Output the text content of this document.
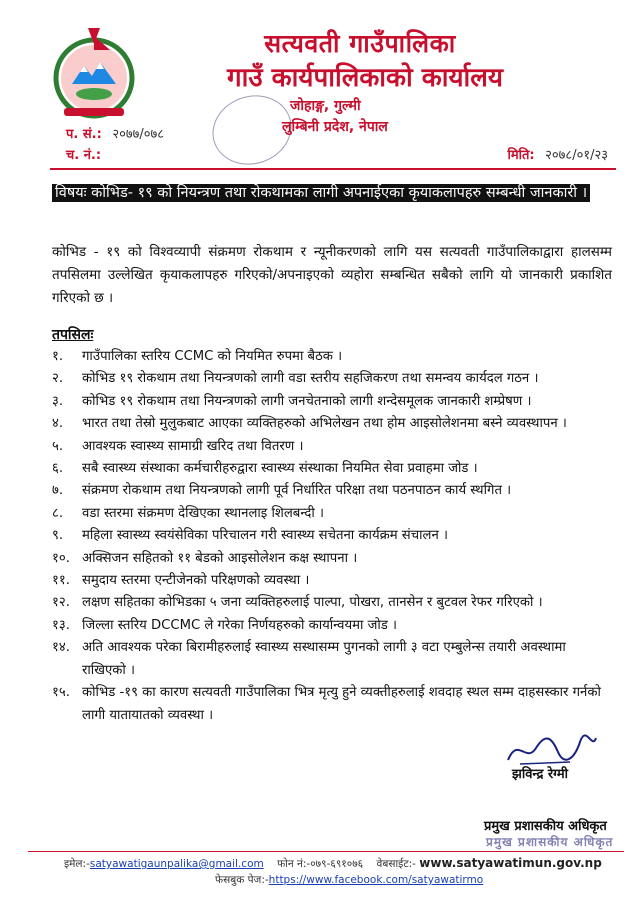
सत्यवती गाउँपालिका
गाउँ कार्यपालिकाको कार्यालय
जोहाङ्ग, गुल्मी
लुम्बिनी प्रदेश, नेपाल
प. सं.: २०७७/०७८
च. नं.:	मिति: २०७८/०१/२३
विषयः कोभिड- १९ को नियन्त्रण तथा रोकथामका लागी अपनाईएका कृयाकलापहरु सम्बन्धी जानकारी ।
कोभिड - १९ को विश्वव्यापी संक्रमण रोकथाम र न्यूनीकरणको लागि यस सत्यवती गाउँपालिकाद्वारा हालसम्म तपसिलमा उल्लेखित कृयाकलापहरु गरिएको/अपनाइएको व्यहोरा सम्बन्धित सबैको लागि यो जानकारी प्रकाशित गरिएको छ ।
तपसिलः
१.	गाउँपालिका स्तरिय CCMC को नियमित रुपमा बैठक ।
२.	कोभिड १९ रोकथाम तथा नियन्त्रणको लागी वडा स्तरीय सहजिकरण तथा समन्वय कार्यदल गठन ।
३.	कोभिड १९ रोकथाम तथा नियन्त्रणको लागी जनचेतनाको लागी शन्देसमूलक जानकारी शम्प्रेषण ।
४.	भारत तथा तेस्रो मुलुकबाट आएका व्यक्तिहरुको अभिलेखन तथा होम आइसोलेशनमा बस्ने व्यवस्थापन ।
५.	आवश्यक स्वास्थ्य सामाग्री खरिद तथा वितरण ।
६.	सबै स्वास्थ्य संस्थाका कर्मचारीहरुद्वारा स्वास्थ्य संस्थाका नियमित सेवा प्रवाहमा जोड ।
७.	संक्रमण रोकथाम तथा नियन्त्रणको लागी पूर्व निर्धारित परिक्षा तथा पठनपाठन कार्य स्थगित ।
८.	वडा स्तरमा संक्रमण देखिएका स्थानलाइ शिलबन्दी ।
९.	महिला स्वास्थ्य स्वयंसेविका परिचालन गरी स्वास्थ्य सचेतना कार्यक्रम संचालन ।
१०. अक्सिजन सहितको ११ बेडको आइसोलेशन कक्ष स्थापना ।
११. समुदाय स्तरमा एन्टीजेनको परिक्षणको व्यवस्था ।
१२. लक्षण सहितका कोभिडका ५ जना व्यक्तिहरुलाई पाल्पा, पोखरा, तानसेन र बुटवल रेफर गरिएको ।
१३. जिल्ला स्तरिय DCCMC ले गरेका निर्णयहरुको कार्यान्वयमा जोड ।
१४. अति आवश्यक परेका बिरामीहरुलाई स्वास्थ्य सस्थासम्म पुगनको लागी ३ वटा एम्बुलेन्स तयारी अवस्थामा राखिएको ।
१५. कोभिड -१९ का कारण सत्यवती गाउँपालिका भित्र मृत्यु हुने व्यक्तीहरुलाई शवदाह स्थल सम्म दाहसस्कार गर्नको लागी यातायातको व्यवस्था ।
झविन्द्र रेग्मी
प्रमुख प्रशासकीय अधिकृत
प्रमुख प्रशासकीय अधिकृत
इमेल:-satyawatigaunpalika@gmail.com फोन नं:-०७९-६९१०७६ वेबसाईट:- www.satyawatimun.gov.np
फेसबुक पेज:-https://www.facebook.com/satyawatirmo
